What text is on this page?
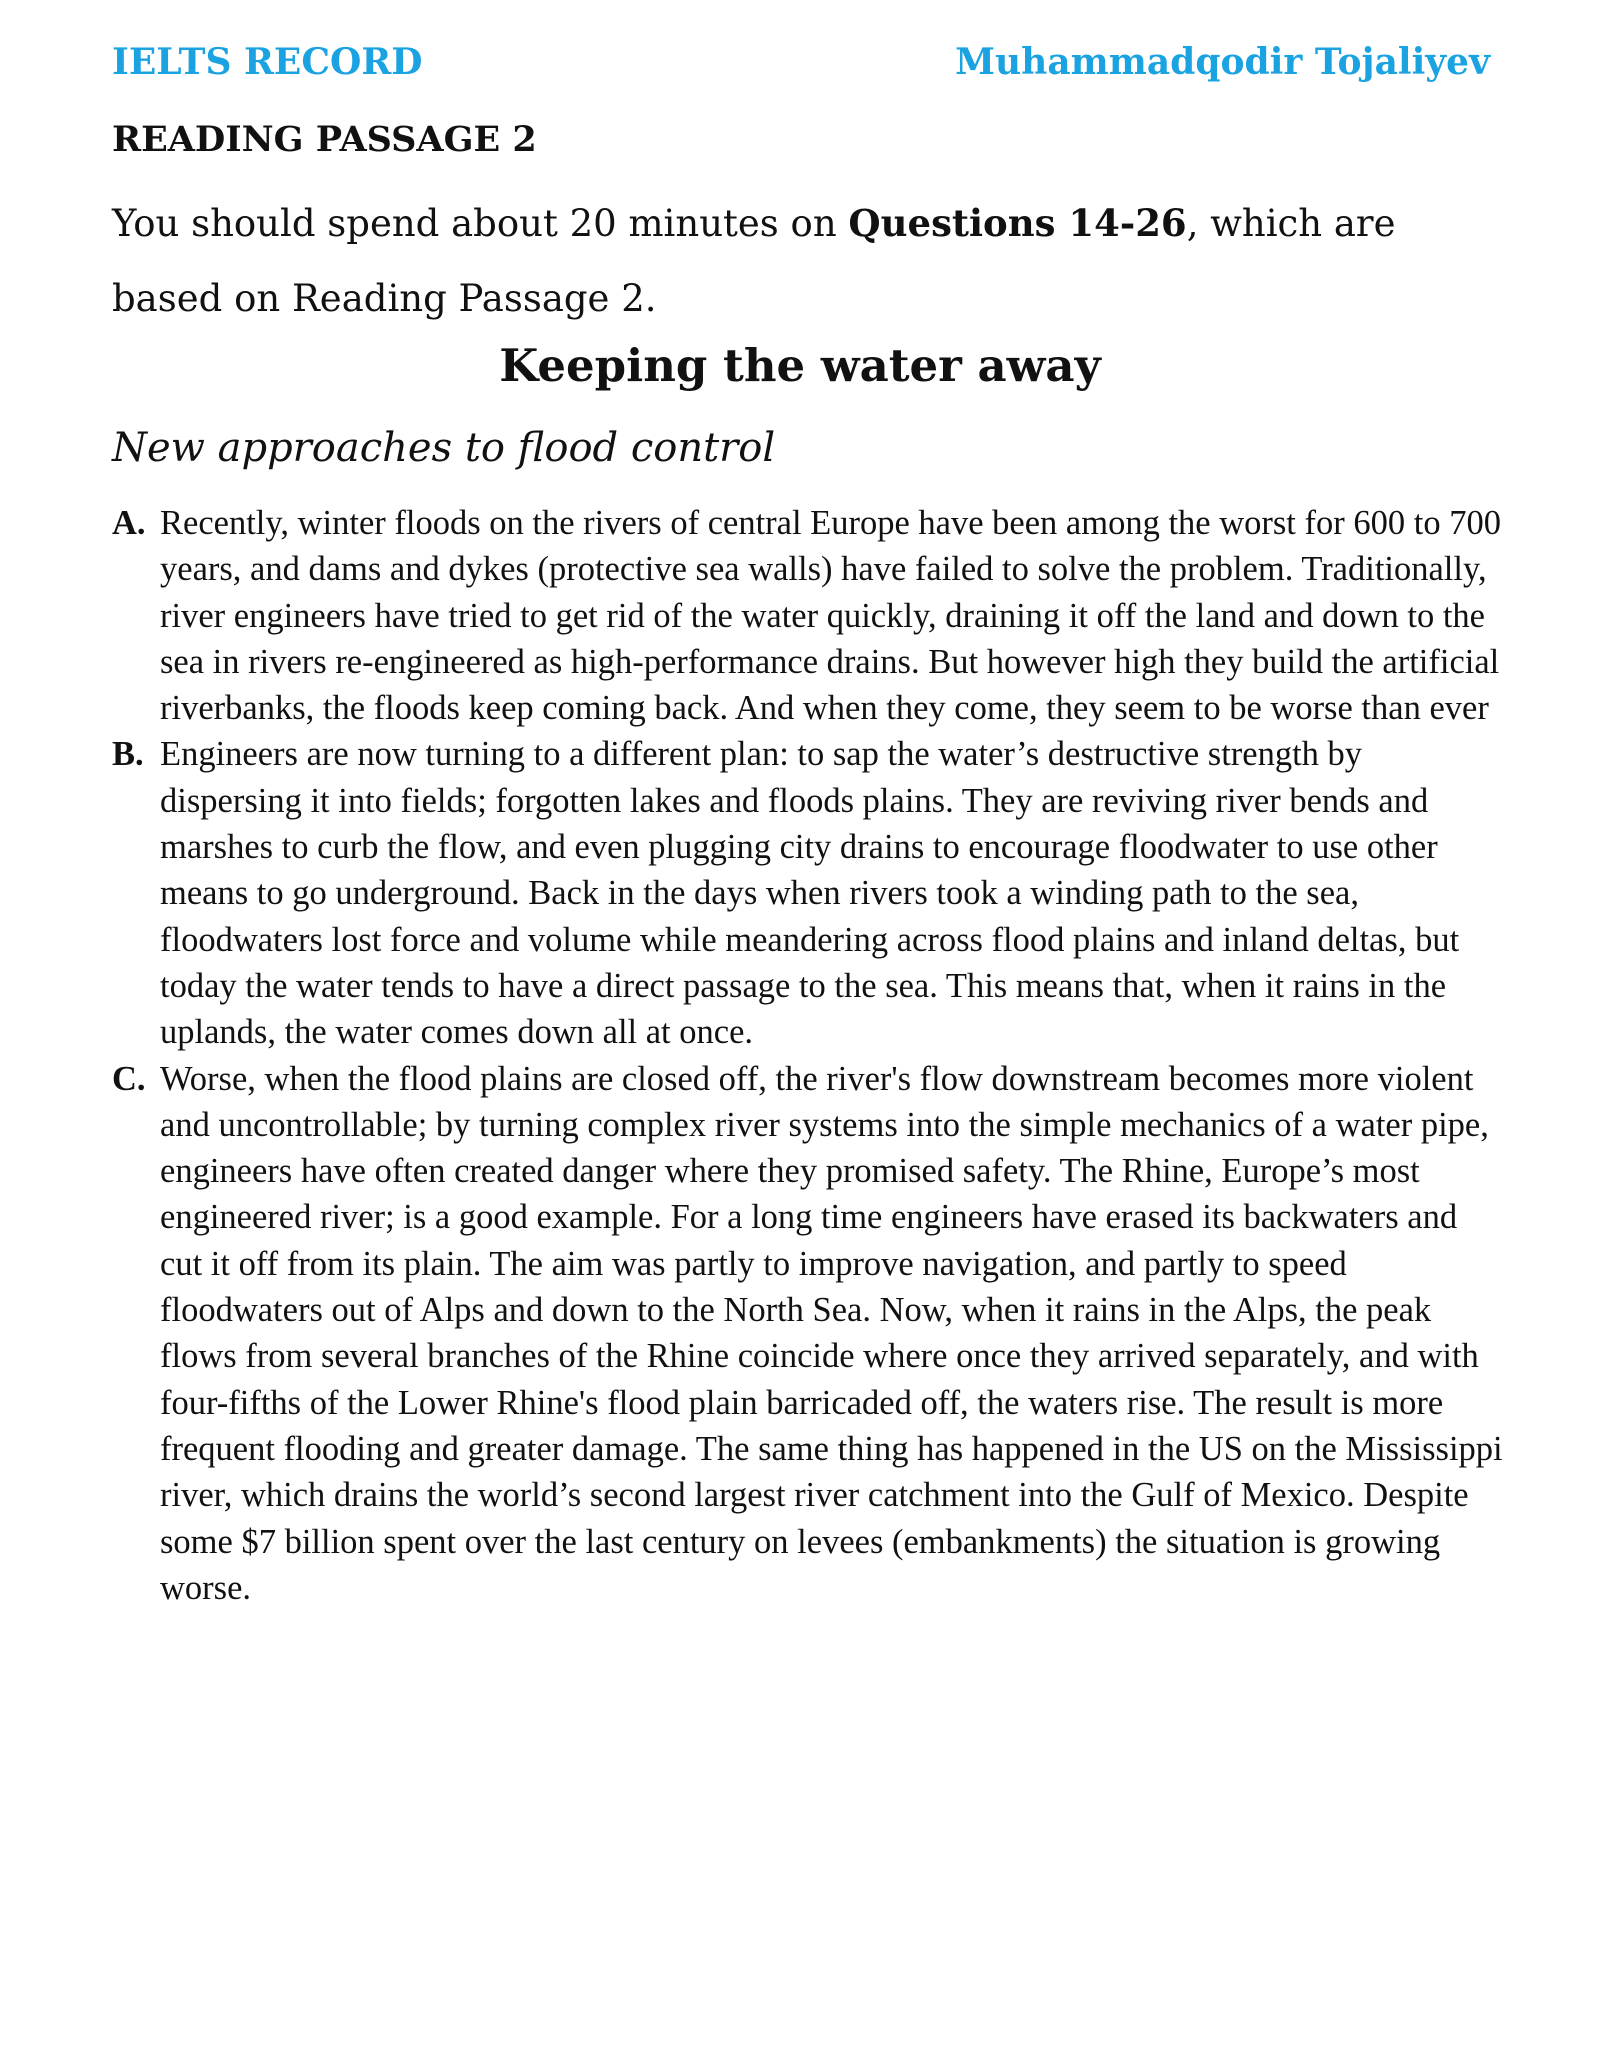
IELTS RECORD	Muhammadqodir Tojaliyev
READING PASSAGE 2

You should spend about 20 minutes on Questions 14-26, which are based on Reading Passage 2.

Keeping the water away

New approaches to flood control

A. Recently, winter floods on the rivers of central Europe have been among the worst for 600 to 700 years, and dams and dykes (protective sea walls) have failed to solve the problem. Traditionally, river engineers have tried to get rid of the water quickly, draining it off the land and down to the sea in rivers re-engineered as high-performance drains. But however high they build the artificial riverbanks, the floods keep coming back. And when they come, they seem to be worse than ever

B. Engineers are now turning to a different plan: to sap the water’s destructive strength by dispersing it into fields; forgotten lakes and floods plains. They are reviving river bends and marshes to curb the flow, and even plugging city drains to encourage floodwater to use other means to go underground. Back in the days when rivers took a winding path to the sea, floodwaters lost force and volume while meandering across flood plains and inland deltas, but today the water tends to have a direct passage to the sea. This means that, when it rains in the uplands, the water comes down all at once.

C. Worse, when the flood plains are closed off, the river's flow downstream becomes more violent and uncontrollable; by turning complex river systems into the simple mechanics of a water pipe, engineers have often created danger where they promised safety. The Rhine, Europe’s most engineered river; is a good example. For a long time engineers have erased its backwaters and cut it off from its plain. The aim was partly to improve navigation, and partly to speed floodwaters out of Alps and down to the North Sea. Now, when it rains in the Alps, the peak flows from several branches of the Rhine coincide where once they arrived separately, and with four-fifths of the Lower Rhine's flood plain barricaded off, the waters rise. The result is more frequent flooding and greater damage. The same thing has happened in the US on the Mississippi river, which drains the world’s second largest river catchment into the Gulf of Mexico. Despite some $7 billion spent over the last century on levees (embankments) the situation is growing worse.
